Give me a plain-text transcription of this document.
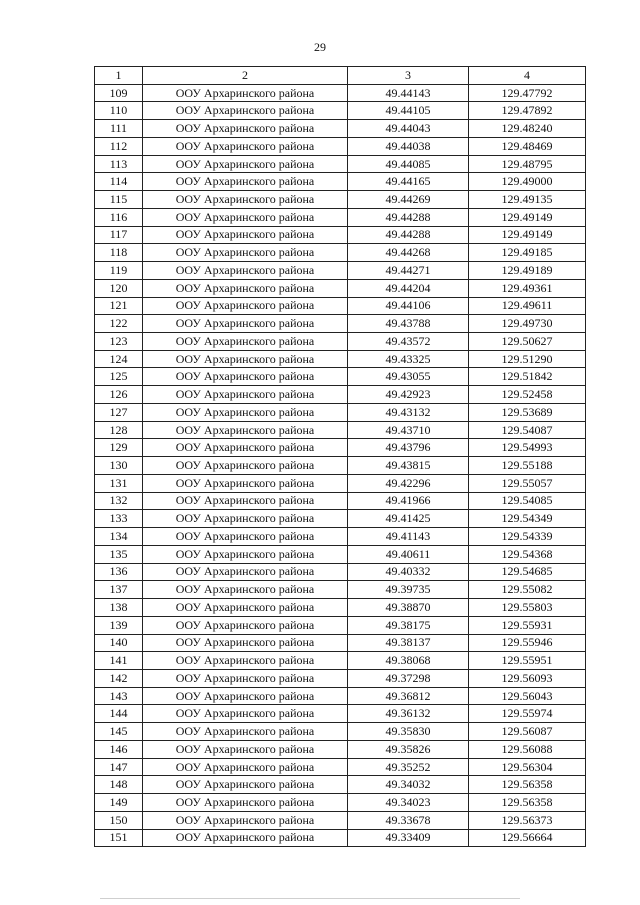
29
1	2	3	4
109	ООУ Архаринского района	49.44143	129.47792
110	ООУ Архаринского района	49.44105	129.47892
111	ООУ Архаринского района	49.44043	129.48240
112	ООУ Архаринского района	49.44038	129.48469
113	ООУ Архаринского района	49.44085	129.48795
114	ООУ Архаринского района	49.44165	129.49000
115	ООУ Архаринского района	49.44269	129.49135
116	ООУ Архаринского района	49.44288	129.49149
117	ООУ Архаринского района	49.44288	129.49149
118	ООУ Архаринского района	49.44268	129.49185
119	ООУ Архаринского района	49.44271	129.49189
120	ООУ Архаринского района	49.44204	129.49361
121	ООУ Архаринского района	49.44106	129.49611
122	ООУ Архаринского района	49.43788	129.49730
123	ООУ Архаринского района	49.43572	129.50627
124	ООУ Архаринского района	49.43325	129.51290
125	ООУ Архаринского района	49.43055	129.51842
126	ООУ Архаринского района	49.42923	129.52458
127	ООУ Архаринского района	49.43132	129.53689
128	ООУ Архаринского района	49.43710	129.54087
129	ООУ Архаринского района	49.43796	129.54993
130	ООУ Архаринского района	49.43815	129.55188
131	ООУ Архаринского района	49.42296	129.55057
132	ООУ Архаринского района	49.41966	129.54085
133	ООУ Архаринского района	49.41425	129.54349
134	ООУ Архаринского района	49.41143	129.54339
135	ООУ Архаринского района	49.40611	129.54368
136	ООУ Архаринского района	49.40332	129.54685
137	ООУ Архаринского района	49.39735	129.55082
138	ООУ Архаринского района	49.38870	129.55803
139	ООУ Архаринского района	49.38175	129.55931
140	ООУ Архаринского района	49.38137	129.55946
141	ООУ Архаринского района	49.38068	129.55951
142	ООУ Архаринского района	49.37298	129.56093
143	ООУ Архаринского района	49.36812	129.56043
144	ООУ Архаринского района	49.36132	129.55974
145	ООУ Архаринского района	49.35830	129.56087
146	ООУ Архаринского района	49.35826	129.56088
147	ООУ Архаринского района	49.35252	129.56304
148	ООУ Архаринского района	49.34032	129.56358
149	ООУ Архаринского района	49.34023	129.56358
150	ООУ Архаринского района	49.33678	129.56373
151	ООУ Архаринского района	49.33409	129.56664
